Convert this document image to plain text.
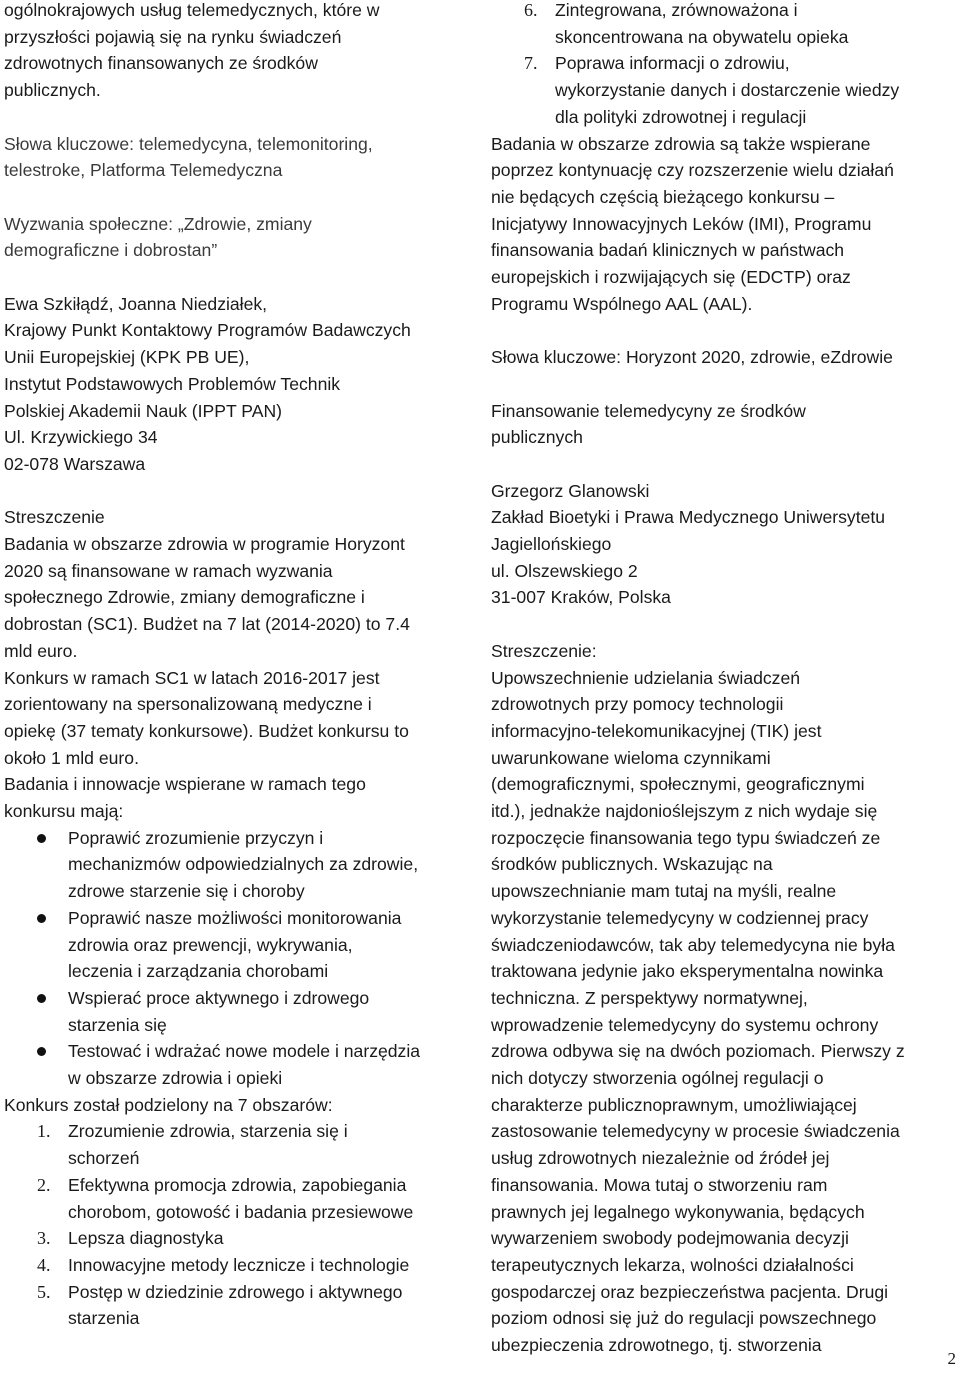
ogólnokrajowych usług telemedycznych, które w

przyszłości pojawią się na rynku świadczeń

zdrowotnych finansowanych ze środków

publicznych.

Słowa kluczowe: telemedycyna, telemonitoring,

telestroke, Platforma Telemedyczna

Wyzwania społeczne: „Zdrowie, zmiany

demograficzne i dobrostan”

Ewa Szkiłądź, Joanna Niedziałek,

Krajowy Punkt Kontaktowy Programów Badawczych

Unii Europejskiej (KPK PB UE),

Instytut Podstawowych Problemów Technik

Polskiej Akademii Nauk (IPPT PAN)

Ul. Krzywickiego 34

02-078 Warszawa

Streszczenie

Badania w obszarze zdrowia w programie Horyzont

2020 są finansowane w ramach wyzwania

społecznego Zdrowie, zmiany demograficzne i

dobrostan (SC1). Budżet na 7 lat (2014-2020) to 7.4

mld euro.

Konkurs w ramach SC1 w latach 2016-2017 jest

zorientowany na spersonalizowaną medyczne i

opiekę (37 tematy konkursowe). Budżet konkursu to

około 1 mld euro.

Badania i innowacje wspierane w ramach tego

konkursu mają:

Poprawić zrozumienie przyczyn i
mechanizmów odpowiedzialnych za zdrowie,
zdrowe starzenie się i choroby
Poprawić nasze możliwości monitorowania
zdrowia oraz prewencji, wykrywania,
leczenia i zarządzania chorobami
Wspierać proce aktywnego i zdrowego
starzenia się
Testować i wdrażać nowe modele i narzędzia
w obszarze zdrowia i opieki

Konkurs został podzielony na 7 obszarów:

1. Zrozumienie zdrowia, starzenia się i
schorzeń
2. Efektywna promocja zdrowia, zapobiegania
chorobom, gotowość i badania przesiewowe
3. Lepsza diagnostyka
4. Innowacyjne metody lecznicze i technologie
5. Postęp w dziedzinie zdrowego i aktywnego
starzenia
6. Zintegrowana, zrównoważona i
skoncentrowana na obywatelu opieka
7. Poprawa informacji o zdrowiu,
wykorzystanie danych i dostarczenie wiedzy
dla polityki zdrowotnej i regulacji

Badania w obszarze zdrowia są także wspierane

poprzez kontynuację czy rozszerzenie wielu działań

nie będących częścią bieżącego konkursu –

Inicjatywy Innowacyjnych Leków (IMI), Programu

finansowania badań klinicznych w państwach

europejskich i rozwijających się (EDCTP) oraz

Programu Wspólnego AAL (AAL).

Słowa kluczowe: Horyzont 2020, zdrowie, eZdrowie

Finansowanie telemedycyny ze środków

publicznych

Grzegorz Glanowski

Zakład Bioetyki i Prawa Medycznego Uniwersytetu

Jagiellońskiego

ul. Olszewskiego 2

31-007 Kraków, Polska

Streszczenie:

Upowszechnienie udzielania świadczeń

zdrowotnych przy pomocy technologii

informacyjno-telekomunikacyjnej (TIK) jest

uwarunkowane wieloma czynnikami

(demograficznymi, społecznymi, geograficznymi

itd.), jednakże najdonioślejszym z nich wydaje się

rozpoczęcie finansowania tego typu świadczeń ze

środków publicznych. Wskazując na

upowszechnianie mam tutaj na myśli, realne

wykorzystanie telemedycyny w codziennej pracy

świadczeniodawców, tak aby telemedycyna nie była

traktowana jedynie jako eksperymentalna nowinka

techniczna. Z perspektywy normatywnej,

wprowadzenie telemedycyny do systemu ochrony

zdrowa odbywa się na dwóch poziomach. Pierwszy z

nich dotyczy stworzenia ogólnej regulacji o

charakterze publicznoprawnym, umożliwiającej

zastosowanie telemedycyny w procesie świadczenia

usług zdrowotnych niezależnie od źródeł jej

finansowania. Mowa tutaj o stworzeniu ram

prawnych jej legalnego wykonywania, będących

wywarzeniem swobody podejmowania decyzji

terapeutycznych lekarza, wolności działalności

gospodarczej oraz bezpieczeństwa pacjenta. Drugi

poziom odnosi się już do regulacji powszechnego

ubezpieczenia zdrowotnego, tj. stworzenia

2
